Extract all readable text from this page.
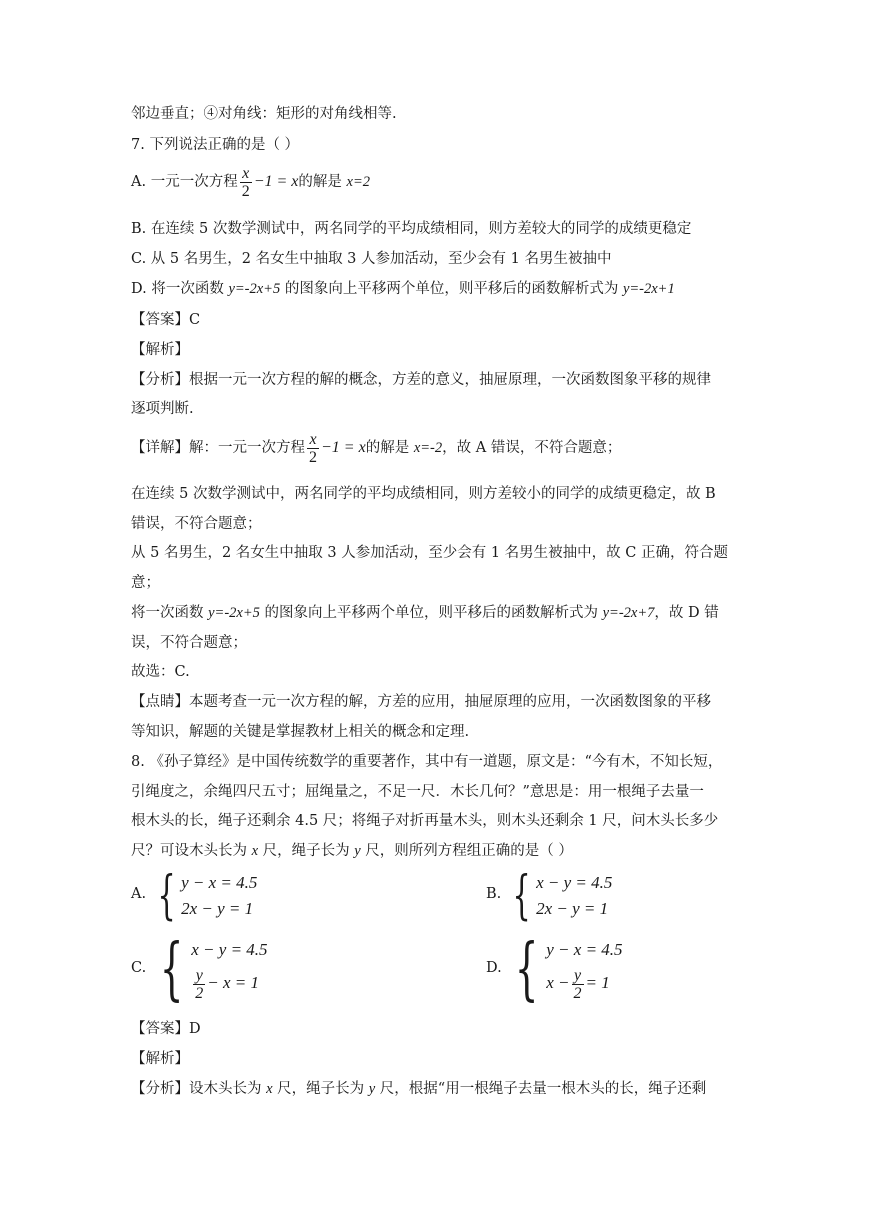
邻边垂直；④对角线：矩形的对角线相等.
7. 下列说法正确的是（ ）
A. 一元一次方程 $\frac{x}{2} -1 = x$的解是 x=2
B. 在连续 5 次数学测试中，两名同学的平均成绩相同，则方差较大的同学的成绩更稳定
C. 从 5 名男生，2 名女生中抽取 3 人参加活动，至少会有 1 名男生被抽中
D. 将一次函数 y=-2x+5 的图象向上平移两个单位，则平移后的函数解析式为 y=-2x+1
【答案】C
【解析】
【分析】根据一元一次方程的解的概念，方差的意义，抽屉原理，一次函数图象平移的规律
逐项判断.
【详解】解：一元一次方程 $\frac{x}{2} -1 = x$的解是 x=-2，故 A 错误，不符合题意；
在连续 5 次数学测试中，两名同学的平均成绩相同，则方差较小的同学的成绩更稳定，故 B
错误，不符合题意；
从 5 名男生，2 名女生中抽取 3 人参加活动，至少会有 1 名男生被抽中，故 C 正确，符合题
意；
将一次函数 y=-2x+5 的图象向上平移两个单位，则平移后的函数解析式为 y=-2x+7，故 D 错
误，不符合题意；
故选：C.
【点睛】本题考查一元一次方程的解，方差的应用，抽屉原理的应用，一次函数图象的平移
等知识，解题的关键是掌握教材上相关的概念和定理.
8. 《孙子算经》是中国传统数学的重要著作，其中有一道题，原文是：“今有木，不知长短，
引绳度之，余绳四尺五寸；屈绳量之，不足一尺．木长几何？”意思是：用一根绳子去量一
根木头的长，绳子还剩余 4.5 尺；将绳子对折再量木头，则木头还剩余 1 尺，问木头长多少
尺？可设木头长为 x 尺，绳子长为 y 尺，则所列方程组正确的是（ ）
A. { y − x = 4.5
2x − y = 1
B. { x − y = 4.5
2x − y = 1
C. { x − y = 4.5
$\frac{y}{2} - x = 1$
D. { y − x = 4.5
$x - \frac{y}{2} = 1$
【答案】D
【解析】
【分析】设木头长为 x 尺，绳子长为 y 尺，根据“用一根绳子去量一根木头的长，绳子还剩
